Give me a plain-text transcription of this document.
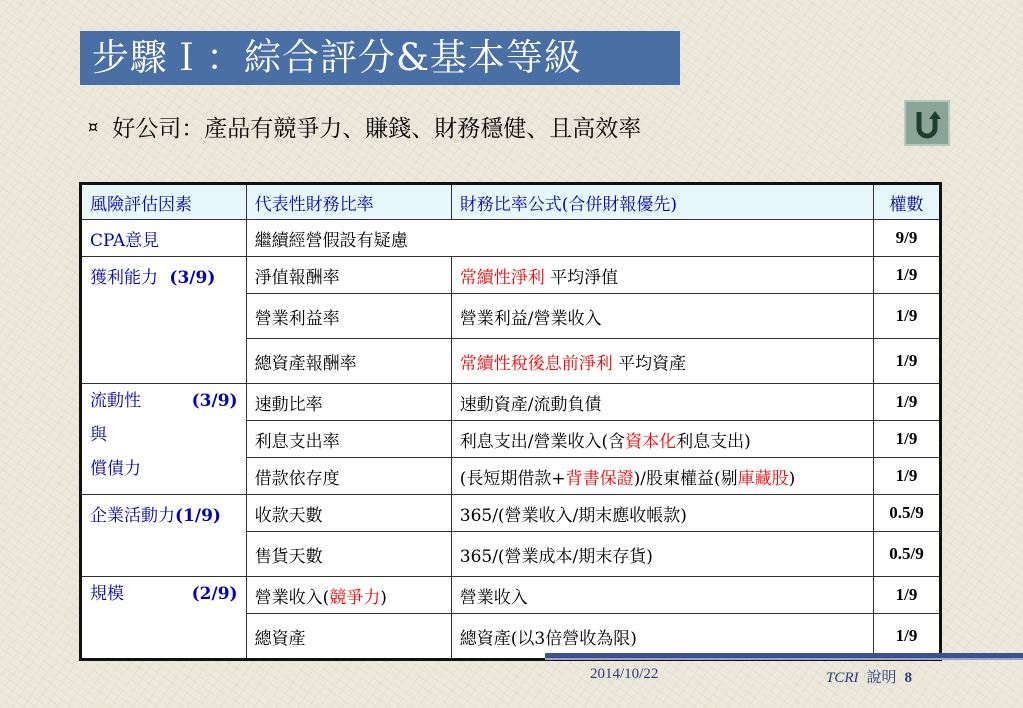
步驟Ｉ：綜合評分&基本等級
¤ 好公司：產品有競爭力、賺錢、財務穩健、且高效率
風險評估因素	代表性財務比率	財務比率公式(合併財報優先)	權數
CPA意見	繼續經營假設有疑慮		9/9
獲利能力 (3/9)	淨值報酬率	常續性淨利 平均淨值	1/9
	營業利益率	營業利益/營業收入	1/9
	總資產報酬率	常續性稅後息前淨利 平均資產	1/9

流動性 (3/9)
與
償債力	速動比率	速動資產/流動負債	1/9
	利息支出率	利息支出/營業收入(含資本化利息支出)	1/9
	借款依存度	(長短期借款+背書保證)/股東權益(剔庫藏股)	1/9
企業活動力(1/9)	收款天數	365/(營業收入/期末應收帳款)	0.5/9
	售貨天數	365/(營業成本/期末存貨)	0.5/9

規模 (2/9)	營業收入(競爭力)	營業收入	1/9
	總資產	總資產(以3倍營收為限)	1/9
2014/10/22	TCRI 說明 8
